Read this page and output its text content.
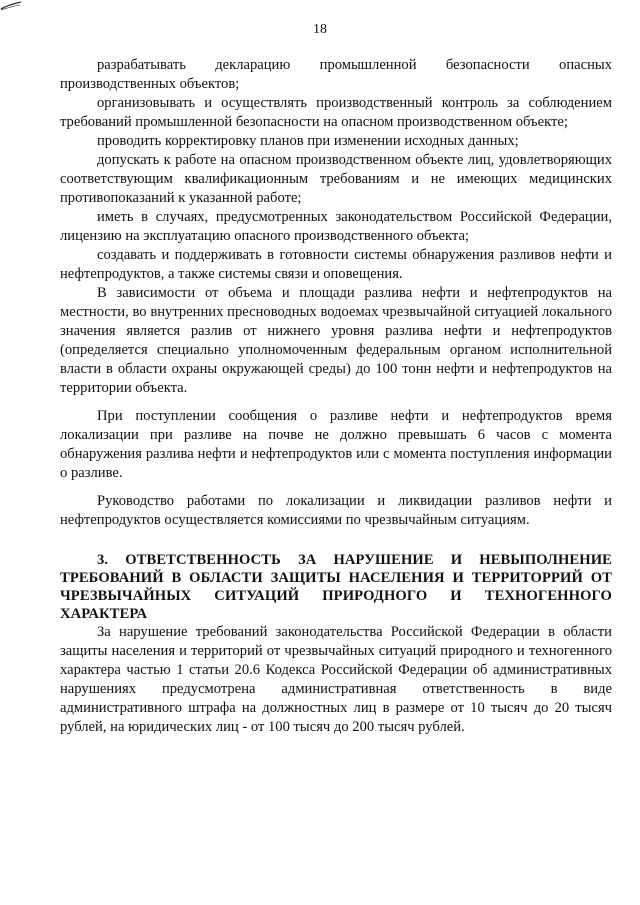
18

разрабатывать декларацию промышленной безопасности опасных производственных объектов;

организовывать и осуществлять производственный контроль за соблюдением требований промышленной безопасности на опасном производственном объекте;

проводить корректировку планов при изменении исходных данных;

допускать к работе на опасном производственном объекте лиц, удовлетворяющих соответствующим квалификационным требованиям и не имеющих медицинских противопоказаний к указанной работе;

иметь в случаях, предусмотренных законодательством Российской Федерации, лицензию на эксплуатацию опасного производственного объекта;

создавать и поддерживать в готовности системы обнаружения разливов нефти и нефтепродуктов, а также системы связи и оповещения.

В зависимости от объема и площади разлива нефти и нефтепродуктов на местности, во внутренних пресноводных водоемах чрезвычайной ситуацией локального значения является разлив от нижнего уровня разлива нефти и нефтепродуктов (определяется специально уполномоченным федеральным органом исполнительной власти в области охраны окружающей среды) до 100 тонн нефти и нефтепродуктов на территории объекта.

При поступлении сообщения о разливе нефти и нефтепродуктов время локализации при разливе на почве не должно превышать 6 часов с момента обнаружения разлива нефти и нефтепродуктов или с момента поступления информации о разливе.

Руководство работами по локализации и ликвидации разливов нефти и нефтепродуктов осуществляется комиссиями по чрезвычайным ситуациям.

3. ОТВЕТСТВЕННОСТЬ ЗА НАРУШЕНИЕ И НЕВЫПОЛНЕНИЕ ТРЕБОВАНИЙ В ОБЛАСТИ ЗАЩИТЫ НАСЕЛЕНИЯ И ТЕРРИТОРРИЙ ОТ ЧРЕЗВЫЧАЙНЫХ СИТУАЦИЙ ПРИРОДНОГО И ТЕХНОГЕННОГО ХАРАКТЕРА

За нарушение требований законодательства Российской Федерации в области защиты населения и территорий от чрезвычайных ситуаций природного и техногенного характера частью 1 статьи 20.6 Кодекса Российской Федерации об административных нарушениях предусмотрена административная ответственность в виде административного штрафа на должностных лиц в размере от 10 тысяч до 20 тысяч рублей, на юридических лиц - от 100 тысяч до 200 тысяч рублей.
